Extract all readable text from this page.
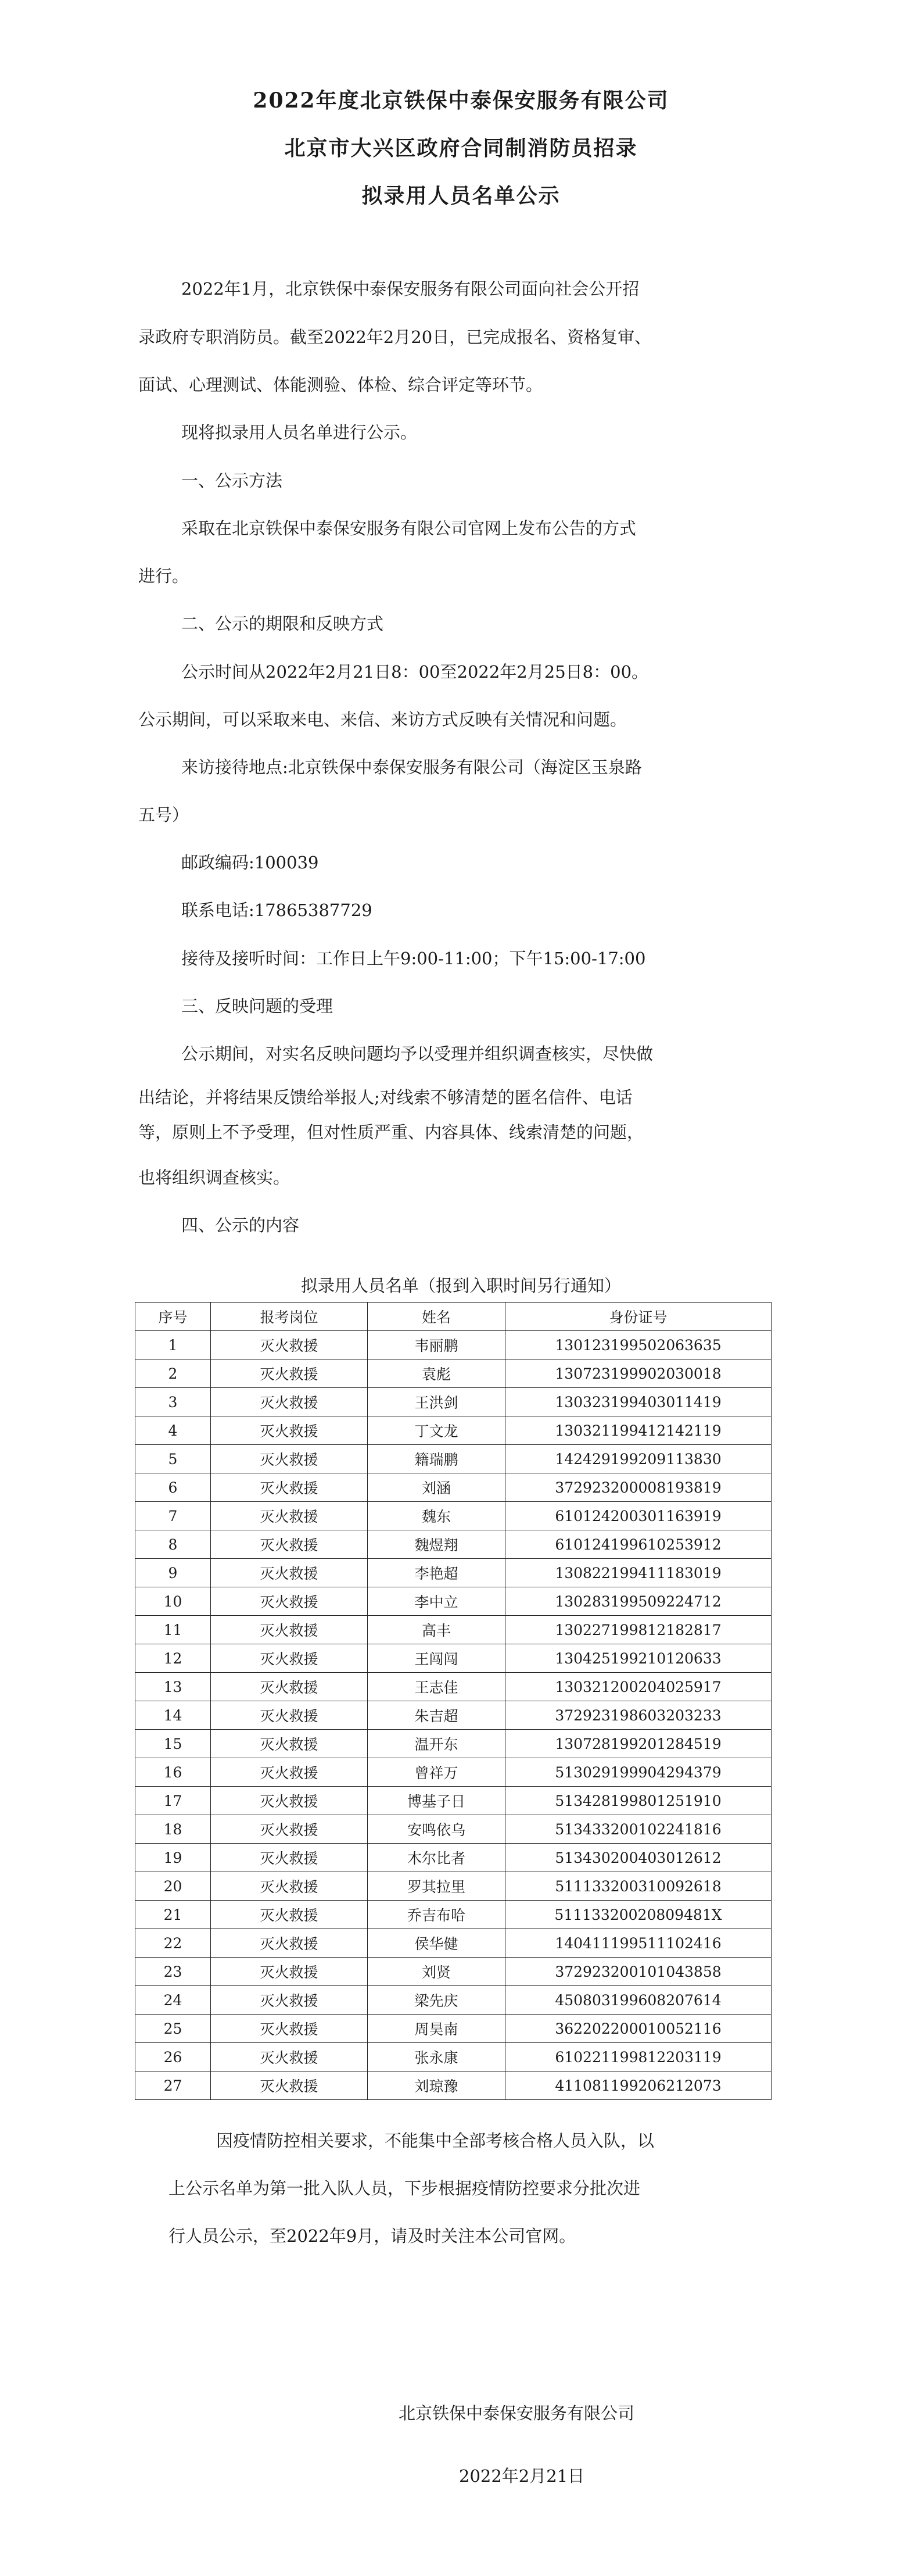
2022年度北京铁保中泰保安服务有限公司
北京市大兴区政府合同制消防员招录
拟录用人员名单公示

2022年1月，北京铁保中泰保安服务有限公司面向社会公开招

录政府专职消防员。截至2022年2月20日，已完成报名、资格复审、

面试、心理测试、体能测验、体检、综合评定等环节。

现将拟录用人员名单进行公示。

一、公示方法

采取在北京铁保中泰保安服务有限公司官网上发布公告的方式

进行。

二、公示的期限和反映方式

公示时间从2022年2月21日8：00至2022年2月25日8：00。

公示期间，可以采取来电、来信、来访方式反映有关情况和问题。

来访接待地点:北京铁保中泰保安服务有限公司（海淀区玉泉路

五号）

邮政编码:100039

联系电话:17865387729

接待及接听时间：工作日上午9:00-11:00；下午15:00-17:00

三、反映问题的受理

公示期间，对实名反映问题均予以受理并组织调查核实，尽快做

出结论，并将结果反馈给举报人;对线索不够清楚的匿名信件、电话

等，原则上不予受理，但对性质严重、内容具体、线索清楚的问题，

也将组织调查核实。

四、公示的内容

拟录用人员名单（报到入职时间另行通知）

序号	报考岗位	姓名	身份证号
1	灭火救援	韦丽鹏	130123199502063635
2	灭火救援	袁彪	130723199902030018
3	灭火救援	王洪剑	130323199403011419
4	灭火救援	丁文龙	130321199412142119
5	灭火救援	籍瑞鹏	142429199209113830
6	灭火救援	刘涵	372923200008193819
7	灭火救援	魏东	610124200301163919
8	灭火救援	魏煜翔	610124199610253912
9	灭火救援	李艳超	130822199411183019
10	灭火救援	李中立	130283199509224712
11	灭火救援	高丰	130227199812182817
12	灭火救援	王闯闯	130425199210120633
13	灭火救援	王志佳	130321200204025917
14	灭火救援	朱吉超	372923198603203233
15	灭火救援	温开东	130728199201284519
16	灭火救援	曾祥万	513029199904294379
17	灭火救援	博基子日	513428199801251910
18	灭火救援	安鸣依乌	513433200102241816
19	灭火救援	木尔比者	513430200403012612
20	灭火救援	罗其拉里	511133200310092618
21	灭火救援	乔吉布哈	51113320020809481X
22	灭火救援	侯华健	140411199511102416
23	灭火救援	刘贤	372923200101043858
24	灭火救援	梁先庆	450803199608207614
25	灭火救援	周昊南	362202200010052116
26	灭火救援	张永康	610221199812203119
27	灭火救援	刘琼豫	411081199206212073

因疫情防控相关要求，不能集中全部考核合格人员入队，以

上公示名单为第一批入队人员，下步根据疫情防控要求分批次进

行人员公示，至2022年9月，请及时关注本公司官网。

北京铁保中泰保安服务有限公司

2022年2月21日
